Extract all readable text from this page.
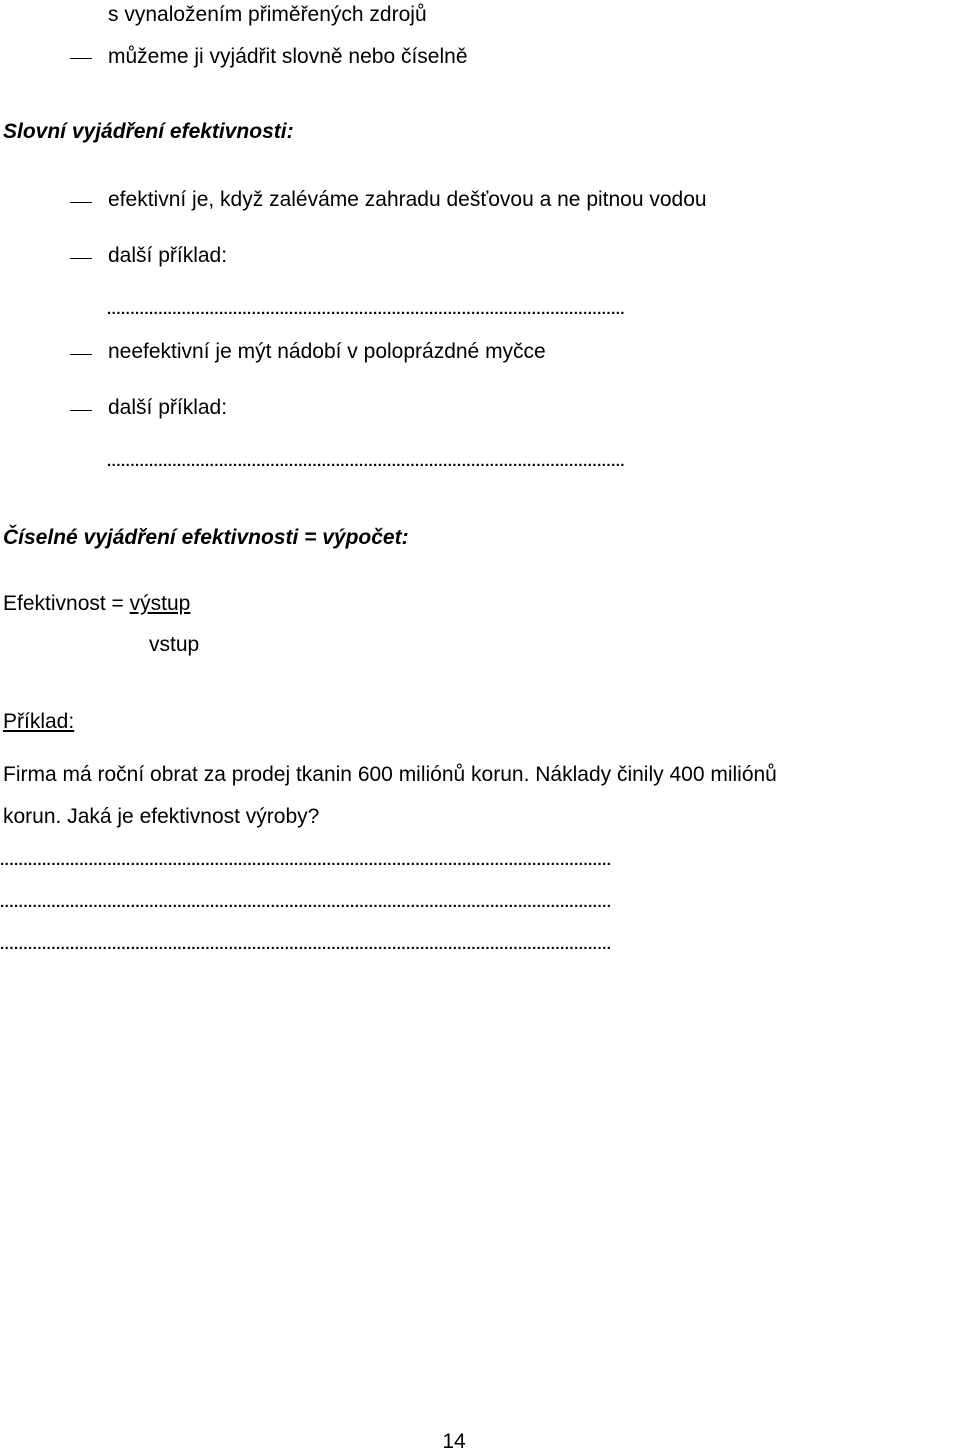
s vynaložením přiměřených zdrojů
můžeme ji vyjádřit slovně nebo číselně
Slovní vyjádření efektivnosti:
efektivní je, když zaléváme zahradu dešťovou a ne pitnou vodou
další příklad:
...............................................................................................................
neefektivní je mýt nádobí v poloprázdné myčce
další příklad:
...............................................................................................................
Číselné vyjádření efektivnosti = výpočet:
Efektivnost = výstup
vstup
Příklad:
Firma má roční obrat za prodej tkanin 600 miliónů korun. Náklady činily 400 miliónů
korun. Jaká je efektivnost výroby?
...................................................................................................................................
...................................................................................................................................
...................................................................................................................................
14
